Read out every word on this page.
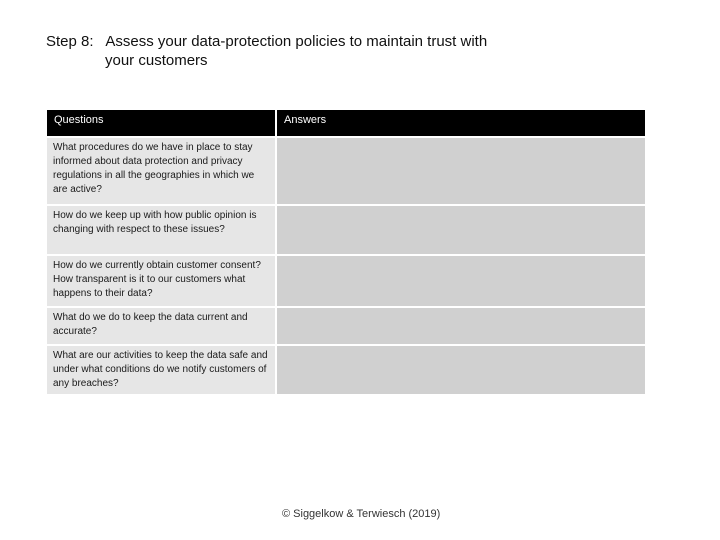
Step 8: Assess your data-protection policies to maintain trust with
your customers
Questions	Answers
What procedures do we have in place to stay informed about data protection and privacy regulations in all the geographies in which we are active?	
How do we keep up with how public opinion is changing with respect to these issues?	
How do we currently obtain customer consent? How transparent is it to our customers what happens to their data?	
What do we do to keep the data current and accurate?	
What are our activities to keep the data safe and under what conditions do we notify customers of any breaches?	
© Siggelkow & Terwiesch (2019)
